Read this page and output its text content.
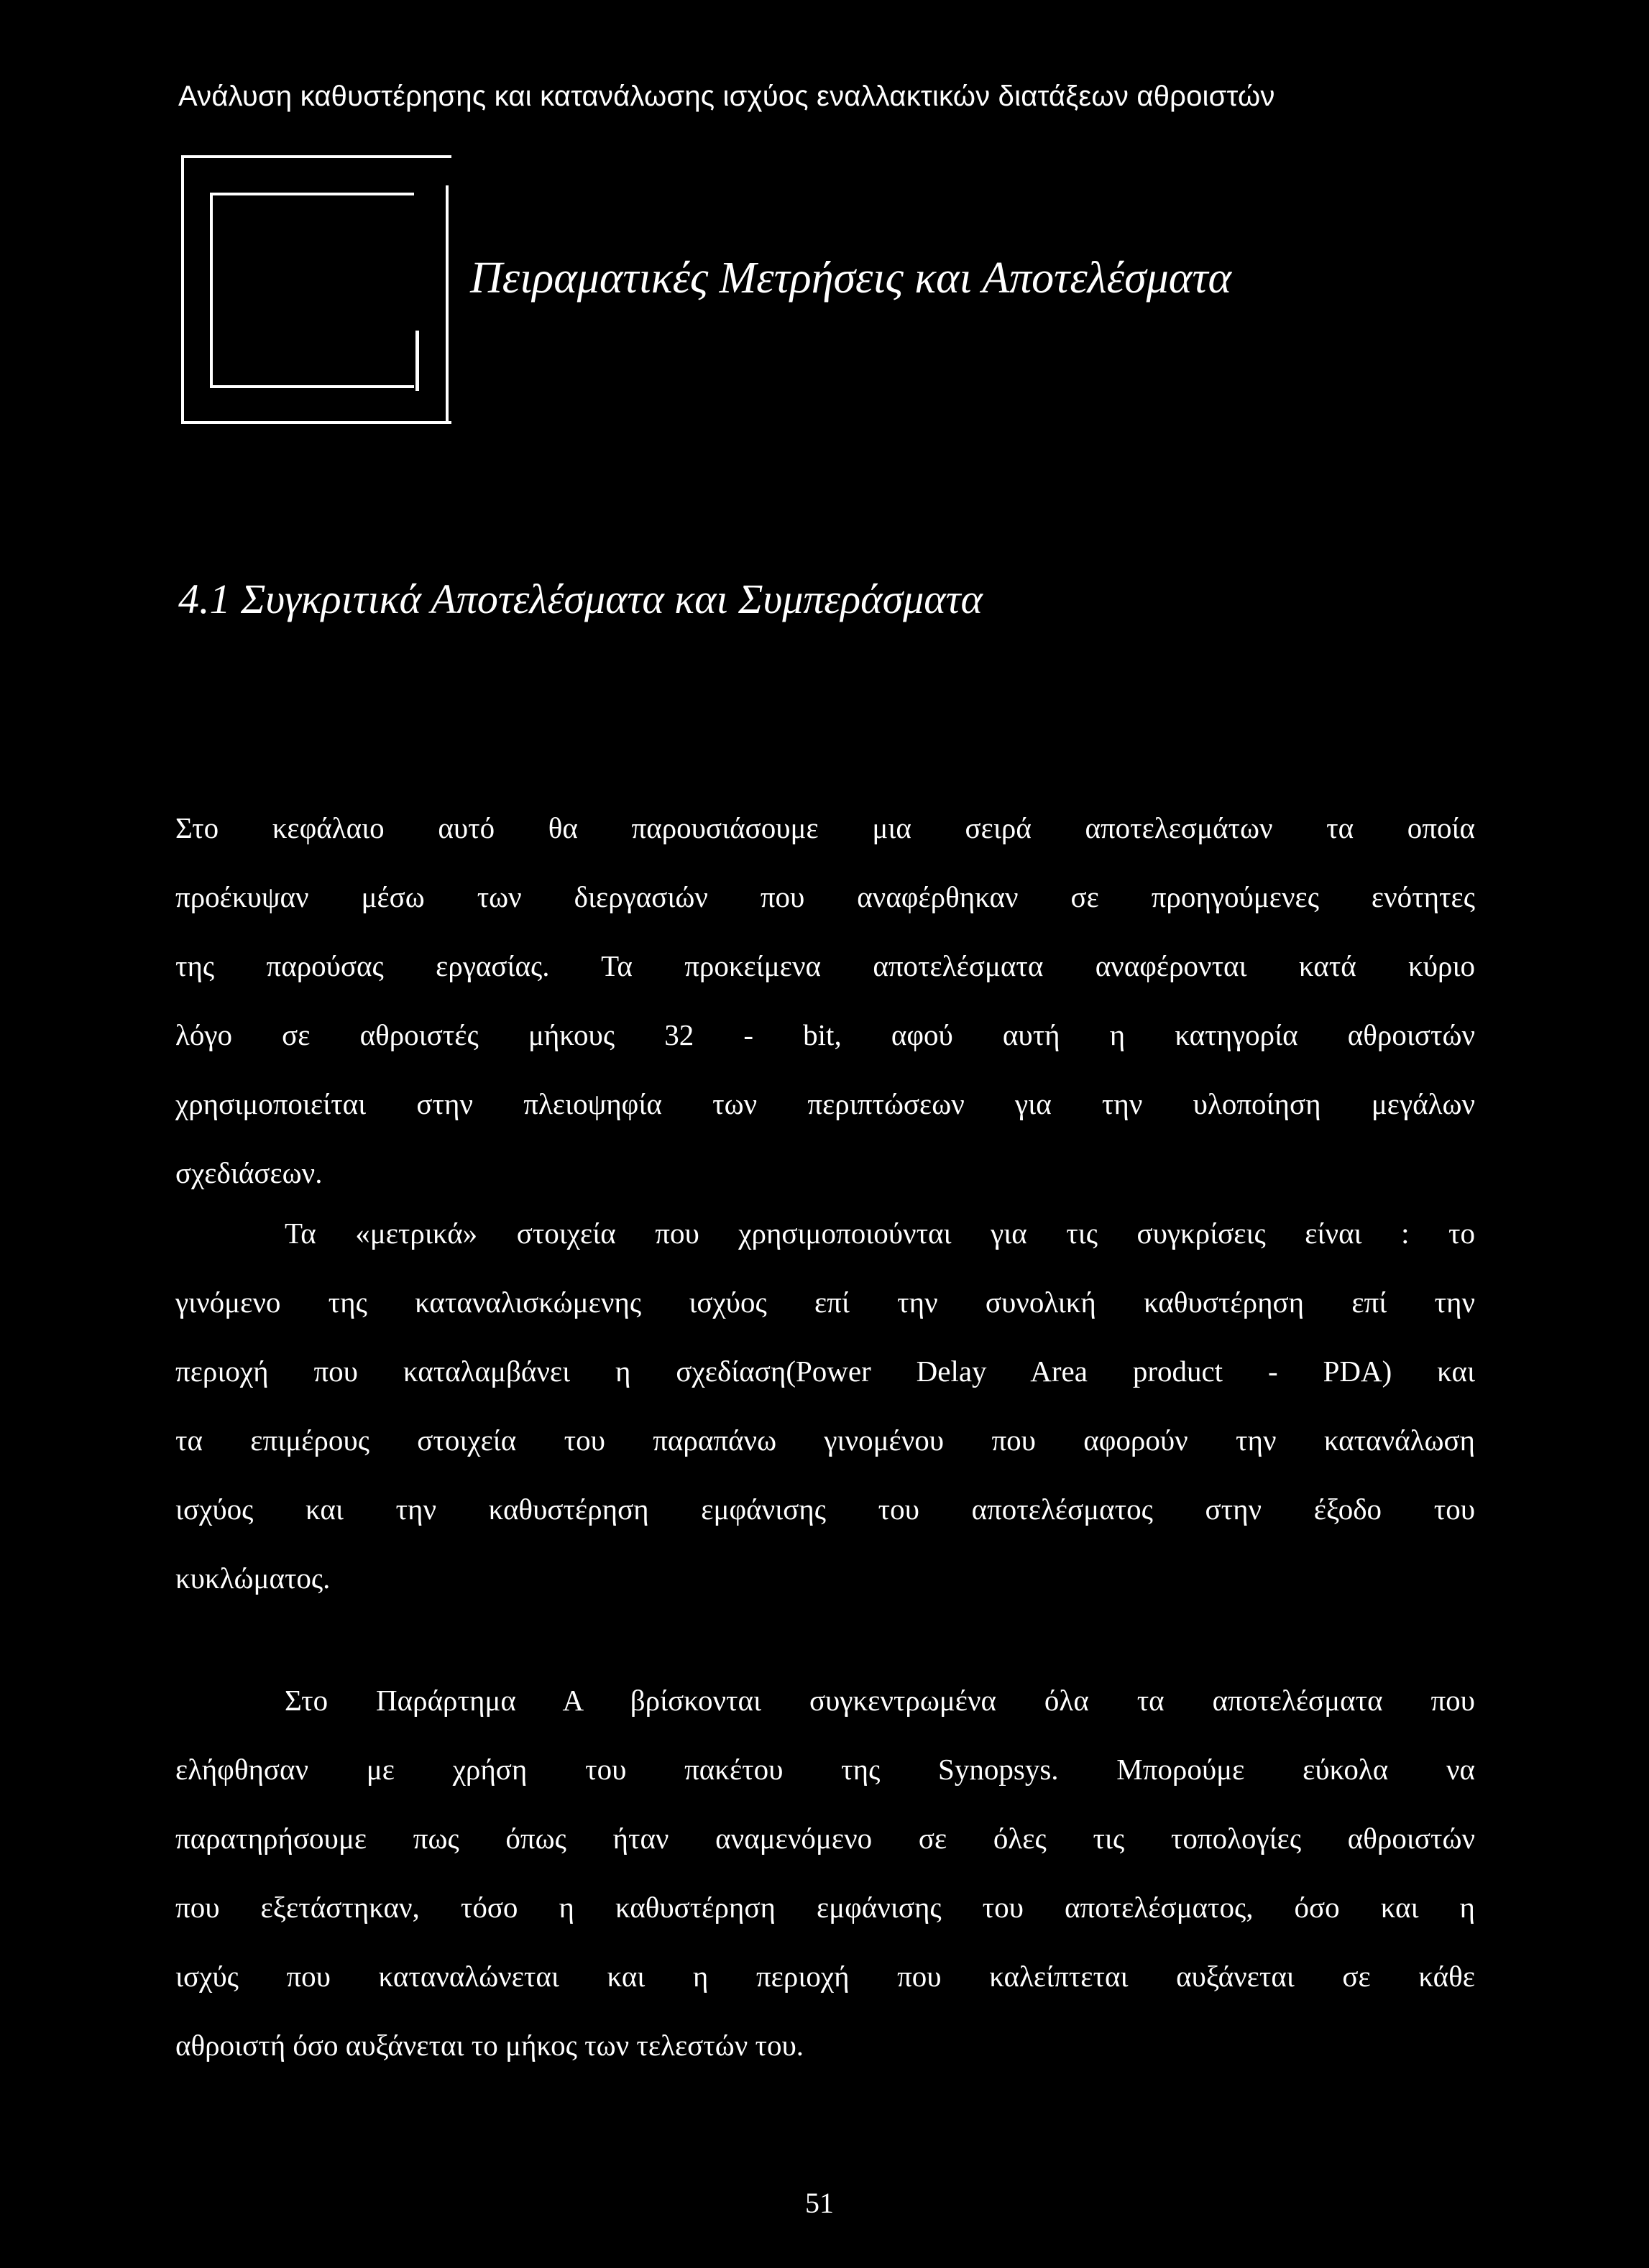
Ανάλυση καθυστέρησης και κατανάλωσης ισχύος εναλλακτικών διατάξεων αθροιστών
Πειραματικές Μετρήσεις και Αποτελέσματα
4.1 Συγκριτικά Αποτελέσματα και Συμπεράσματα
Στο κεφάλαιο αυτό θα παρουσιάσουμε μια σειρά αποτελεσμάτων τα οποία
προέκυψαν μέσω των διεργασιών που αναφέρθηκαν σε προηγούμενες ενότητες
της παρούσας εργασίας. Τα προκείμενα αποτελέσματα αναφέρονται κατά κύριο
λόγο σε αθροιστές μήκους 32 - bit, αφού αυτή η κατηγορία αθροιστών
χρησιμοποιείται στην πλειοψηφία των περιπτώσεων για την υλοποίηση μεγάλων
σχεδιάσεων.
Τα «μετρικά» στοιχεία που χρησιμοποιούνται για τις συγκρίσεις είναι : το
γινόμενο της καταναλισκώμενης ισχύος επί την συνολική καθυστέρηση επί την
περιοχή που καταλαμβάνει η σχεδίαση(Power Delay Area product - PDA) και
τα επιμέρους στοιχεία του παραπάνω γινομένου που αφορούν την κατανάλωση
ισχύος και την καθυστέρηση εμφάνισης του αποτελέσματος στην έξοδο του
κυκλώματος.
Στο Παράρτημα Α βρίσκονται συγκεντρωμένα όλα τα αποτελέσματα που
ελήφθησαν με χρήση του πακέτου της Synopsys. Μπορούμε εύκολα να
παρατηρήσουμε πως όπως ήταν αναμενόμενο σε όλες τις τοπολογίες αθροιστών
που εξετάστηκαν, τόσο η καθυστέρηση εμφάνισης του αποτελέσματος, όσο και η
ισχύς που καταναλώνεται και η περιοχή που καλείπτεται αυξάνεται σε κάθε
αθροιστή όσο αυξάνεται το μήκος των τελεστών του.
51
